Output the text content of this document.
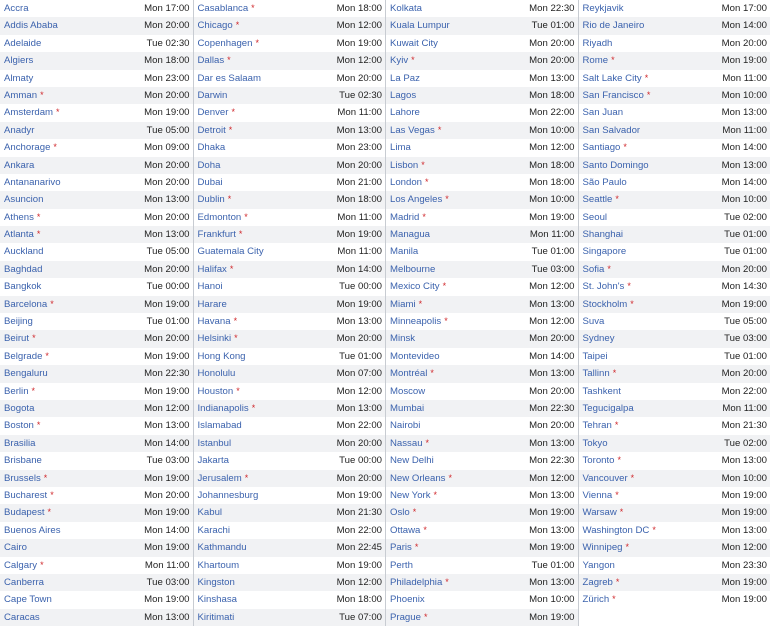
Accra	Mon 17:00
Addis Ababa	Mon 20:00
Adelaide	Tue 02:30
Algiers	Mon 18:00
Almaty	Mon 23:00
Amman *	Mon 20:00
Amsterdam *	Mon 19:00
Anadyr	Tue 05:00
Anchorage *	Mon 09:00
Ankara	Mon 20:00
Antananarivo	Mon 20:00
Asuncion	Mon 13:00
Athens *	Mon 20:00
Atlanta *	Mon 13:00
Auckland	Tue 05:00
Baghdad	Mon 20:00
Bangkok	Tue 00:00
Barcelona *	Mon 19:00
Beijing	Tue 01:00
Beirut *	Mon 20:00
Belgrade *	Mon 19:00
Bengaluru	Mon 22:30
Berlin *	Mon 19:00
Bogota	Mon 12:00
Boston *	Mon 13:00
Brasilia	Mon 14:00
Brisbane	Tue 03:00
Brussels *	Mon 19:00
Bucharest *	Mon 20:00
Budapest *	Mon 19:00
Buenos Aires	Mon 14:00
Cairo	Mon 19:00
Calgary *	Mon 11:00
Canberra	Tue 03:00
Cape Town	Mon 19:00
Caracas	Mon 13:00
Casablanca *	Mon 18:00
Chicago *	Mon 12:00
Copenhagen *	Mon 19:00
Dallas *	Mon 12:00
Dar es Salaam	Mon 20:00
Darwin	Tue 02:30
Denver *	Mon 11:00
Detroit *	Mon 13:00
Dhaka	Mon 23:00
Doha	Mon 20:00
Dubai	Mon 21:00
Dublin *	Mon 18:00
Edmonton *	Mon 11:00
Frankfurt *	Mon 19:00
Guatemala City	Mon 11:00
Halifax *	Mon 14:00
Hanoi	Tue 00:00
Harare	Mon 19:00
Havana *	Mon 13:00
Helsinki *	Mon 20:00
Hong Kong	Tue 01:00
Honolulu	Mon 07:00
Houston *	Mon 12:00
Indianapolis *	Mon 13:00
Islamabad	Mon 22:00
Istanbul	Mon 20:00
Jakarta	Tue 00:00
Jerusalem *	Mon 20:00
Johannesburg	Mon 19:00
Kabul	Mon 21:30
Karachi	Mon 22:00
Kathmandu	Mon 22:45
Khartoum	Mon 19:00
Kingston	Mon 12:00
Kinshasa	Mon 18:00
Kiritimati	Tue 07:00
Kolkata	Mon 22:30
Kuala Lumpur	Tue 01:00
Kuwait City	Mon 20:00
Kyiv *	Mon 20:00
La Paz	Mon 13:00
Lagos	Mon 18:00
Lahore	Mon 22:00
Las Vegas *	Mon 10:00
Lima	Mon 12:00
Lisbon *	Mon 18:00
London *	Mon 18:00
Los Angeles *	Mon 10:00
Madrid *	Mon 19:00
Managua	Mon 11:00
Manila	Tue 01:00
Melbourne	Tue 03:00
Mexico City *	Mon 12:00
Miami *	Mon 13:00
Minneapolis *	Mon 12:00
Minsk	Mon 20:00
Montevideo	Mon 14:00
Montréal *	Mon 13:00
Moscow	Mon 20:00
Mumbai	Mon 22:30
Nairobi	Mon 20:00
Nassau *	Mon 13:00
New Delhi	Mon 22:30
New Orleans *	Mon 12:00
New York *	Mon 13:00
Oslo *	Mon 19:00
Ottawa *	Mon 13:00
Paris *	Mon 19:00
Perth	Tue 01:00
Philadelphia *	Mon 13:00
Phoenix	Mon 10:00
Prague *	Mon 19:00
Reykjavik	Mon 17:00
Rio de Janeiro	Mon 14:00
Riyadh	Mon 20:00
Rome *	Mon 19:00
Salt Lake City *	Mon 11:00
San Francisco *	Mon 10:00
San Juan	Mon 13:00
San Salvador	Mon 11:00
Santiago *	Mon 14:00
Santo Domingo	Mon 13:00
São Paulo	Mon 14:00
Seattle *	Mon 10:00
Seoul	Tue 02:00
Shanghai	Tue 01:00
Singapore	Tue 01:00
Sofia *	Mon 20:00
St. John's *	Mon 14:30
Stockholm *	Mon 19:00
Suva	Tue 05:00
Sydney	Tue 03:00
Taipei	Tue 01:00
Tallinn *	Mon 20:00
Tashkent	Mon 22:00
Tegucigalpa	Mon 11:00
Tehran *	Mon 21:30
Tokyo	Tue 02:00
Toronto *	Mon 13:00
Vancouver *	Mon 10:00
Vienna *	Mon 19:00
Warsaw *	Mon 19:00
Washington DC *	Mon 13:00
Winnipeg *	Mon 12:00
Yangon	Mon 23:30
Zagreb *	Mon 19:00
Zürich *	Mon 19:00
